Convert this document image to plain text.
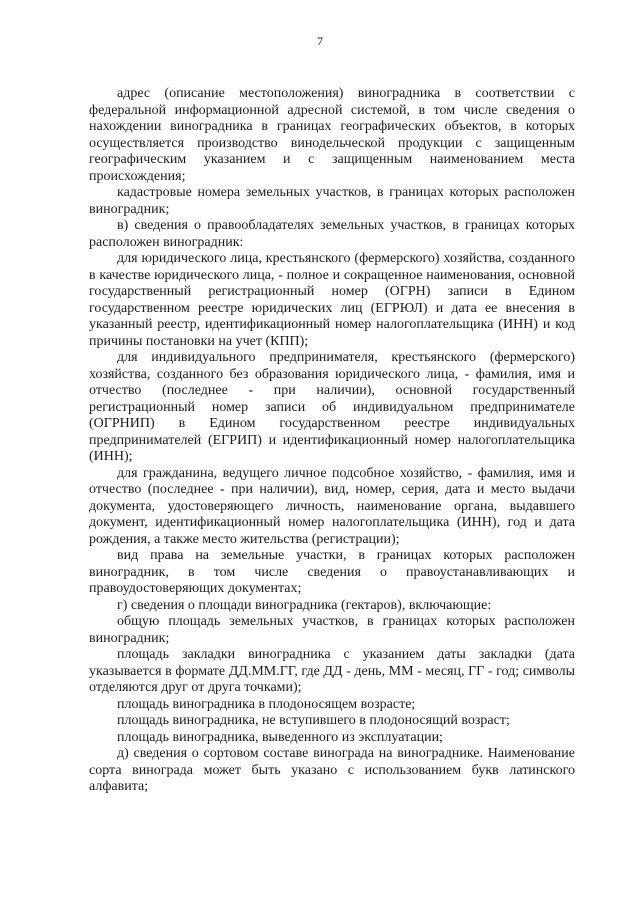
7

адрес (описание местоположения) виноградника в соответствии с федеральной информационной адресной системой, в том числе сведения о нахождении виноградника в границах географических объектов, в которых осуществляется производство винодельческой продукции с защищенным географическим указанием и с защищенным наименованием места происхождения;

кадастровые номера земельных участков, в границах которых расположен виноградник;

в) сведения о правообладателях земельных участков, в границах которых расположен виноградник:

для юридического лица, крестьянского (фермерского) хозяйства, созданного в качестве юридического лица, - полное и сокращенное наименования, основной государственный регистрационный номер (ОГРН) записи в Едином государственном реестре юридических лиц (ЕГРЮЛ) и дата ее внесения в указанный реестр, идентификационный номер налогоплательщика (ИНН) и код причины постановки на учет (КПП);

для индивидуального предпринимателя, крестьянского (фермерского) хозяйства, созданного без образования юридического лица, - фамилия, имя и отчество (последнее - при наличии), основной государственный регистрационный номер записи об индивидуальном предпринимателе (ОГРНИП) в Едином государственном реестре индивидуальных предпринимателей (ЕГРИП) и идентификационный номер налогоплательщика (ИНН);

для гражданина, ведущего личное подсобное хозяйство, - фамилия, имя и отчество (последнее - при наличии), вид, номер, серия, дата и место выдачи документа, удостоверяющего личность, наименование органа, выдавшего документ, идентификационный номер налогоплательщика (ИНН), год и дата рождения, а также место жительства (регистрации);

вид права на земельные участки, в границах которых расположен виноградник, в том числе сведения о правоустанавливающих и правоудостоверяющих документах;

г) сведения о площади виноградника (гектаров), включающие:

общую площадь земельных участков, в границах которых расположен виноградник;

площадь закладки виноградника с указанием даты закладки (дата указывается в формате ДД.ММ.ГГ, где ДД - день, ММ - месяц, ГГ - год; символы отделяются друг от друга точками);

площадь виноградника в плодоносящем возрасте;

площадь виноградника, не вступившего в плодоносящий возраст;

площадь виноградника, выведенного из эксплуатации;

д) сведения о сортовом составе винограда на винограднике. Наименование сорта винограда может быть указано с использованием букв латинского алфавита;
